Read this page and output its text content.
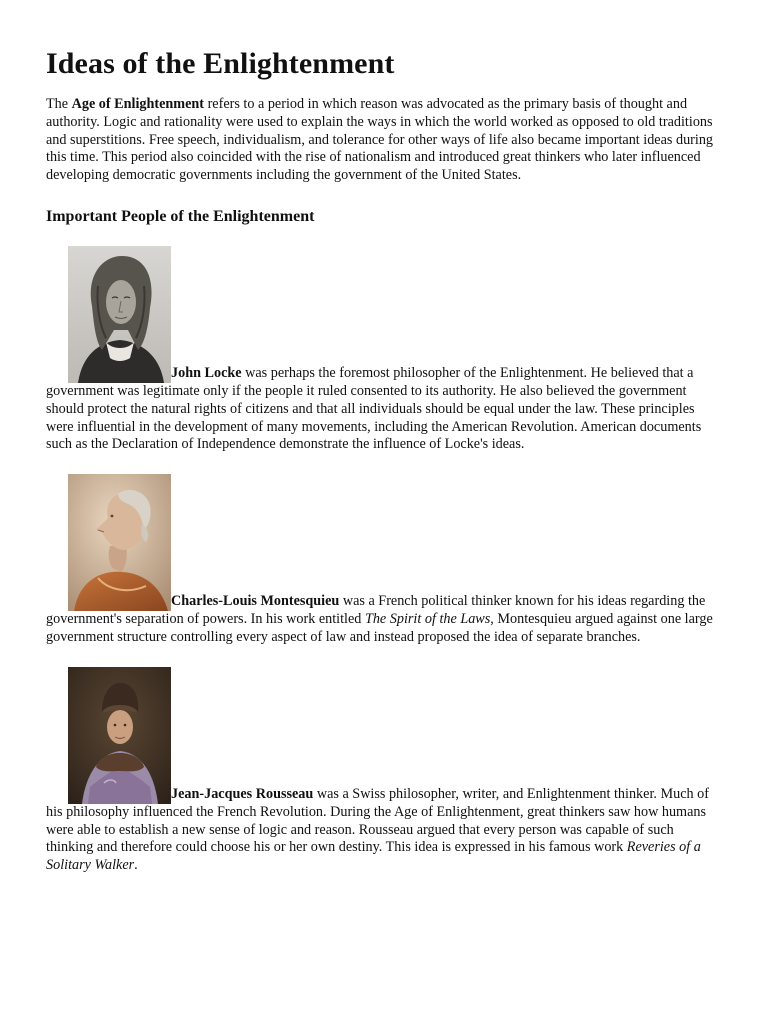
Ideas of the Enlightenment

The Age of Enlightenment refers to a period in which reason was advocated as the primary basis of thought and authority. Logic and rationality were used to explain the ways in which the world worked as opposed to old traditions and superstitions. Free speech, individualism, and tolerance for other ways of life also became important ideas during this time. This period also coincided with the rise of nationalism and introduced great thinkers who later influenced developing democratic governments including the government of the United States.

Important People of the Enlightenment

John Locke was perhaps the foremost philosopher of the Enlightenment. He believed that a government was legitimate only if the people it ruled consented to its authority. He also believed the government should protect the natural rights of citizens and that all individuals should be equal under the law. These principles were influential in the development of many movements, including the American Revolution. American documents such as the Declaration of Independence demonstrate the influence of Locke's ideas.

Charles-Louis Montesquieu was a French political thinker known for his ideas regarding the government's separation of powers. In his work entitled The Spirit of the Laws, Montesquieu argued against one large government structure controlling every aspect of law and instead proposed the idea of separate branches.

Jean-Jacques Rousseau was a Swiss philosopher, writer, and Enlightenment thinker. Much of his philosophy influenced the French Revolution. During the Age of Enlightenment, great thinkers saw how humans were able to establish a new sense of logic and reason. Rousseau argued that every person was capable of such thinking and therefore could choose his or her own destiny. This idea is expressed in his famous work Reveries of a Solitary Walker.
